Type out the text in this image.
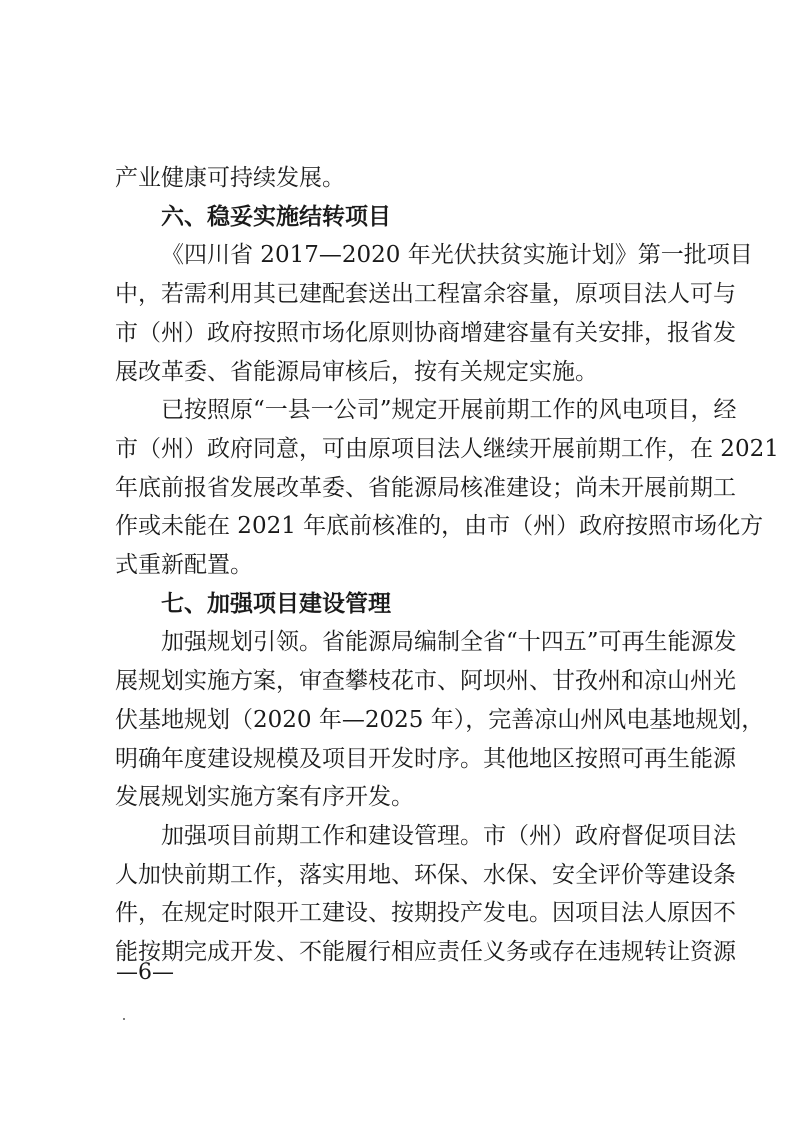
产业健康可持续发展。
六、稳妥实施结转项目
《四川省 2017—2020 年光伏扶贫实施计划》第一批项目
中，若需利用其已建配套送出工程富余容量，原项目法人可与
市（州）政府按照市场化原则协商增建容量有关安排，报省发
展改革委、省能源局审核后，按有关规定实施。
已按照原“一县一公司”规定开展前期工作的风电项目，经
市（州）政府同意，可由原项目法人继续开展前期工作，在 2021
年底前报省发展改革委、省能源局核准建设；尚未开展前期工
作或未能在 2021 年底前核准的，由市（州）政府按照市场化方
式重新配置。
七、加强项目建设管理
加强规划引领。省能源局编制全省“十四五”可再生能源发
展规划实施方案，审查攀枝花市、阿坝州、甘孜州和凉山州光
伏基地规划（2020 年—2025 年），完善凉山州风电基地规划，
明确年度建设规模及项目开发时序。其他地区按照可再生能源
发展规划实施方案有序开发。
—6—
加强项目前期工作和建设管理。市（州）政府督促项目法
人加快前期工作，落实用地、环保、水保、安全评价等建设条
件，在规定时限开工建设、按期投产发电。因项目法人原因不
能按期完成开发、不能履行相应责任义务或存在违规转让资源
